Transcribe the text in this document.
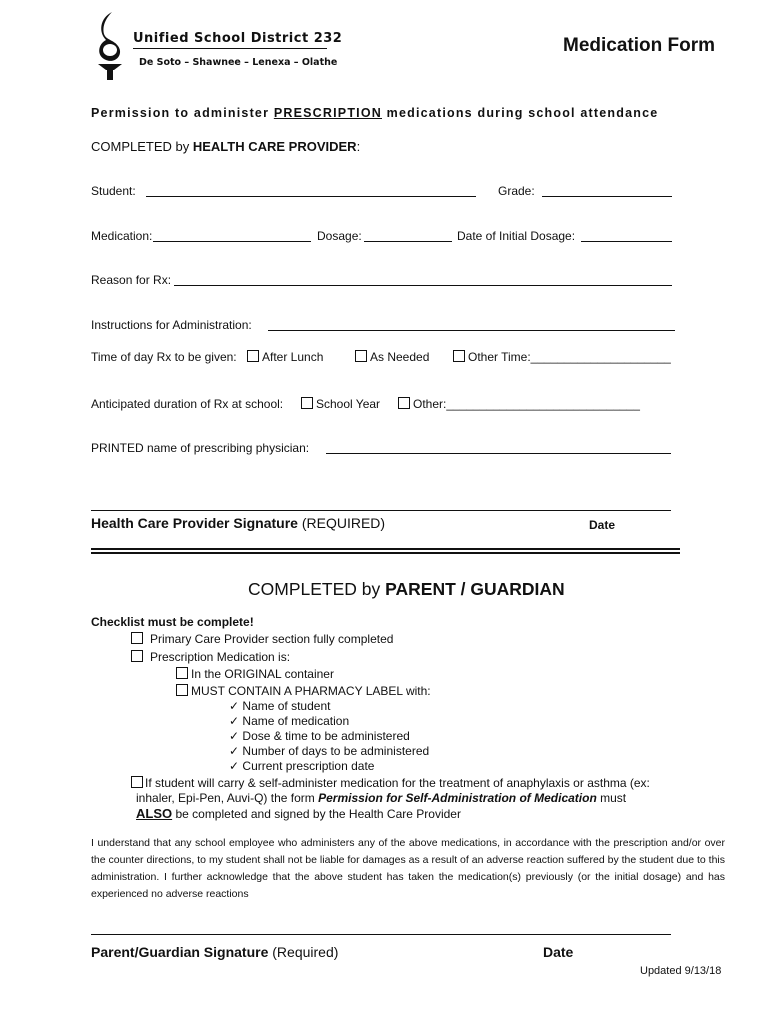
Unified School District 232
De Soto – Shawnee – Lenexa – Olathe
Medication Form
Permission to administer PRESCRIPTION medications during school attendance
COMPLETED by HEALTH CARE PROVIDER:
Student:	Grade:
Medication:	Dosage:	Date of Initial Dosage:
Reason for Rx:
Instructions for Administration:
Time of day Rx to be given:	After Lunch	As Needed	Other Time:_____________________
Anticipated duration of Rx at school:	School Year	Other:_____________________________
PRINTED name of prescribing physician:
Health Care Provider Signature (REQUIRED)	Date
COMPLETED by PARENT / GUARDIAN
Checklist must be complete!
Primary Care Provider section fully completed
Prescription Medication is:
In the ORIGINAL container
MUST CONTAIN A PHARMACY LABEL with:
✓ Name of student
✓ Name of medication
✓ Dose & time to be administered
✓ Number of days to be administered
✓ Current prescription date
If student will carry & self-administer medication for the treatment of anaphylaxis or asthma (ex:
inhaler, Epi-Pen, Auvi-Q) the form Permission for Self-Administration of Medication must
ALSO be completed and signed by the Health Care Provider
I understand that any school employee who administers any of the above medications, in accordance with the prescription and/or over the counter directions, to my student shall not be liable for damages as a result of an adverse reaction suffered by the student due to this administration. I further acknowledge that the above student has taken the medication(s) previously (or the initial dosage) and has experienced no adverse reactions
Parent/Guardian Signature (Required)	Date
Updated 9/13/18
